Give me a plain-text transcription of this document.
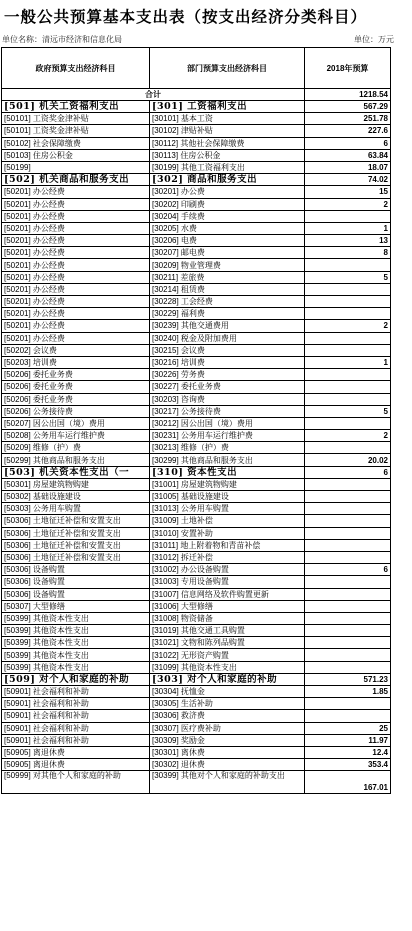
一般公共预算基本支出表（按支出经济分类科目）
单位名称：清远市经济和信息化局	单位：万元
政府预算支出经济科目	部门预算支出经济科目	2018年预算
合计		1218.54
[501] 机关工资福利支出	[301] 工资福利支出	567.29
[50101] 工资奖金津补贴	[30101] 基本工资	251.78
[50101] 工资奖金津补贴	[30102] 津贴补贴	227.6
[50102] 社会保障缴费	[30112] 其他社会保障缴费	6
[50103] 住房公积金	[30113] 住房公积金	63.84
[50199]	[30199] 其他工资福利支出	18.07
[502] 机关商品和服务支出	[302] 商品和服务支出	74.02
[50201] 办公经费	[30201] 办公费	15
[50201] 办公经费	[30202] 印刷费	2
[50201] 办公经费	[30204] 手续费	
[50201] 办公经费	[30205] 水费	1
[50201] 办公经费	[30206] 电费	13
[50201] 办公经费	[30207] 邮电费	8
[50201] 办公经费	[30209] 物业管理费	
[50201] 办公经费	[30211] 差旅费	5
[50201] 办公经费	[30214] 租赁费	
[50201] 办公经费	[30228] 工会经费	
[50201] 办公经费	[30229] 福利费	
[50201] 办公经费	[30239] 其他交通费用	2
[50201] 办公经费	[30240] 税金及附加费用	
[50202] 会议费	[30215] 会议费	
[50203] 培训费	[30216] 培训费	1
[50206] 委托业务费	[30226] 劳务费	
[50206] 委托业务费	[30227] 委托业务费	
[50206] 委托业务费	[30203] 咨询费	
[50206] 公务接待费	[30217] 公务接待费	5
[50207] 因公出国（境）费用	[30212] 因公出国（境）费用	
[50208] 公务用车运行维护费	[30231] 公务用车运行维护费	2
[50209] 维修（护）费	[30213] 维修（护）费	
[50299] 其他商品和服务支出	[30299] 其他商品和服务支出	20.02
[503] 机关资本性支出（一	[310] 资本性支出	6
[50301] 房屋建筑物购建	[31001] 房屋建筑物购建	
[50302] 基础设施建设	[31005] 基础设施建设	
[50303] 公务用车购置	[31013] 公务用车购置	
[50306] 土地征迁补偿和安置支出	[31009] 土地补偿	
[50306] 土地征迁补偿和安置支出	[31010] 安置补助	
[50306] 土地征迁补偿和安置支出	[31011] 地上附着物和青苗补偿	
[50306] 土地征迁补偿和安置支出	[31012] 拆迁补偿	
[50306] 设备购置	[31002] 办公设备购置	6
[50306] 设备购置	[31003] 专用设备购置	
[50306] 设备购置	[31007] 信息网络及软件购置更新	
[50307] 大型修缮	[31006] 大型修缮	
[50399] 其他资本性支出	[31008] 物资储备	
[50399] 其他资本性支出	[31019] 其他交通工具购置	
[50399] 其他资本性支出	[31021] 文物和陈列品购置	
[50399] 其他资本性支出	[31022] 无形资产购置	
[50399] 其他资本性支出	[31099] 其他资本性支出	
[509] 对个人和家庭的补助	[303] 对个人和家庭的补助	571.23
[50901] 社会福利和补助	[30304] 抚恤金	1.85
[50901] 社会福利和补助	[30305] 生活补助	
[50901] 社会福利和补助	[30306] 救济费	
[50901] 社会福利和补助	[30307] 医疗费补助	25
[50901] 社会福利和补助	[30309] 奖励金	11.97
[50905] 离退休费	[30301] 离休费	12.4
[50905] 离退休费	[30302] 退休费	353.4
[50999] 对其他个人和家庭的补助	[30399] 其他对个人和家庭的补助支出	167.01
